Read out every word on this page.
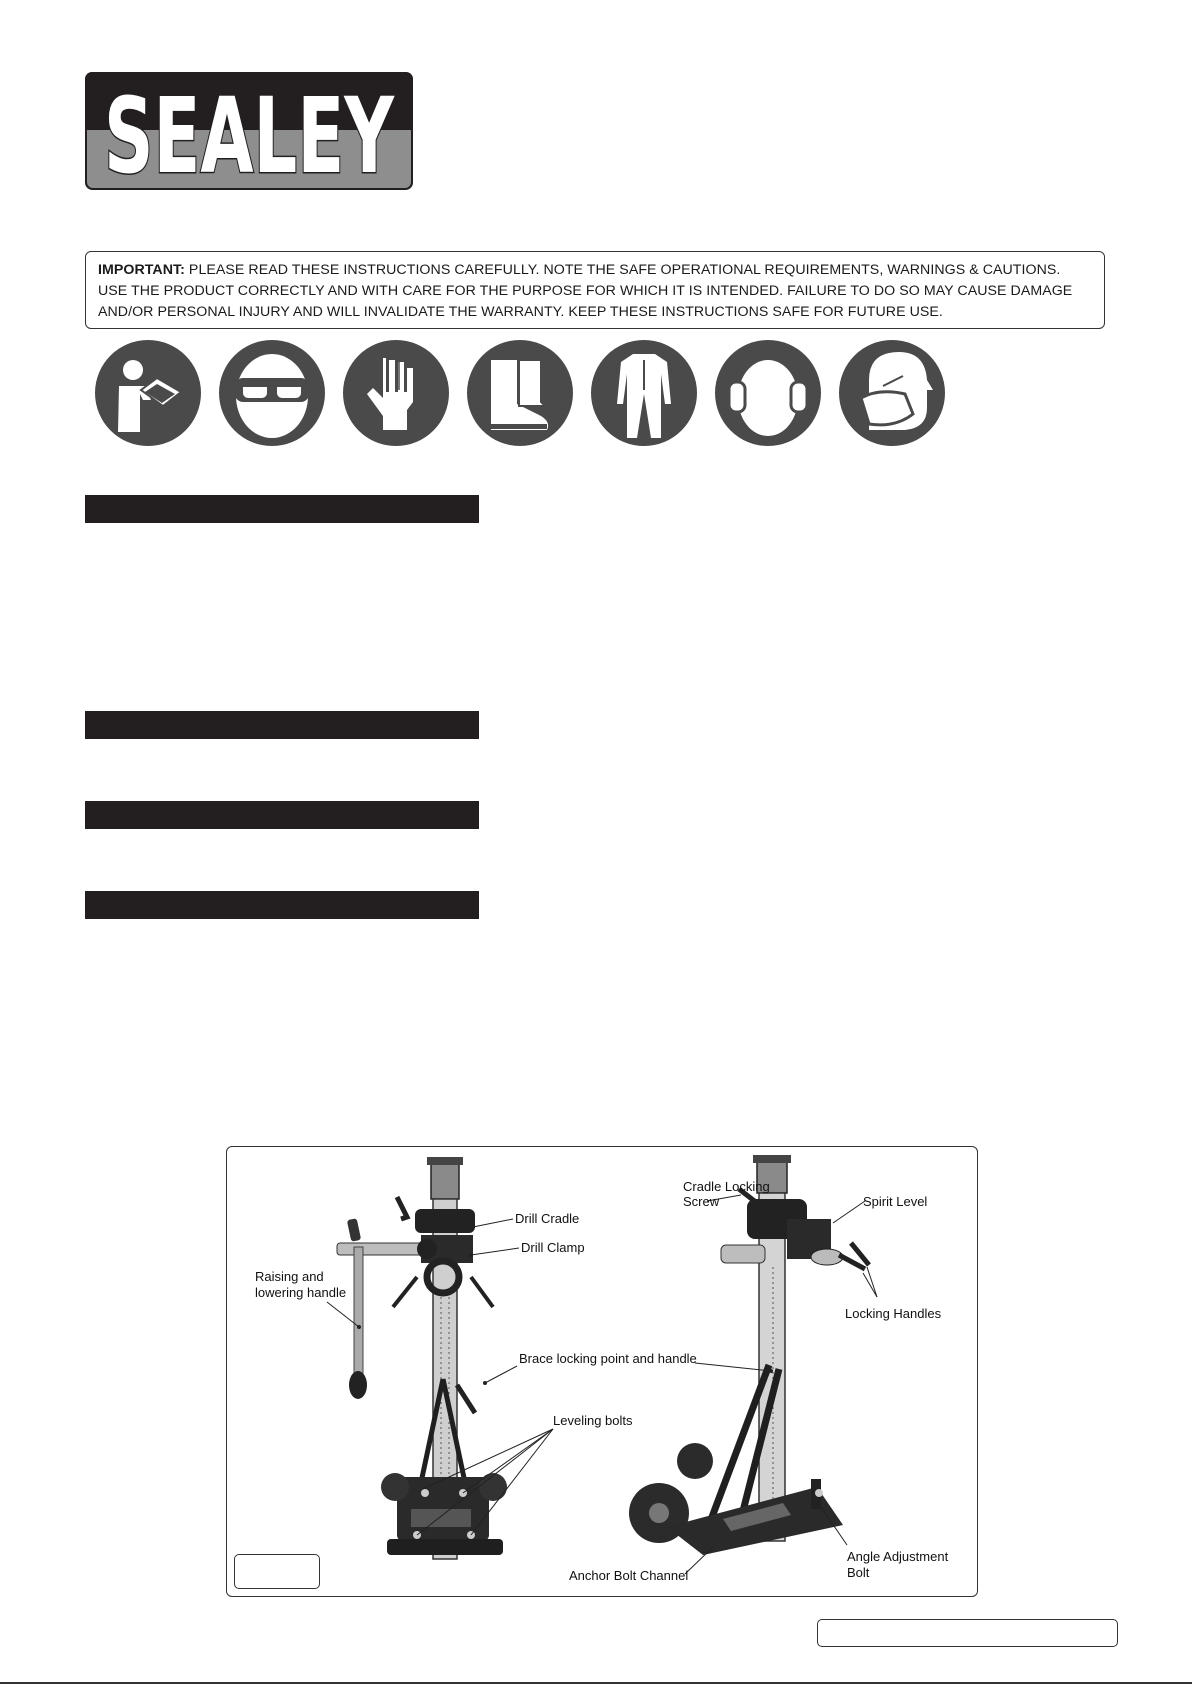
SEALEY
IMPORTANT: PLEASE READ THESE INSTRUCTIONS CAREFULLY. NOTE THE SAFE OPERATIONAL REQUIREMENTS, WARNINGS & CAUTIONS. USE THE PRODUCT CORRECTLY AND WITH CARE FOR THE PURPOSE FOR WHICH IT IS INTENDED. FAILURE TO DO SO MAY CAUSE DAMAGE AND/OR PERSONAL INJURY AND WILL INVALIDATE THE WARRANTY. KEEP THESE INSTRUCTIONS SAFE FOR FUTURE USE.
Drill Cradle
Drill Clamp
Raising and
lowering handle
Brace locking point and handle
Leveling bolts
Cradle Locking
Screw	Spirit Level
Locking Handles
Angle Adjustment
Bolt
Anchor Bolt Channel
